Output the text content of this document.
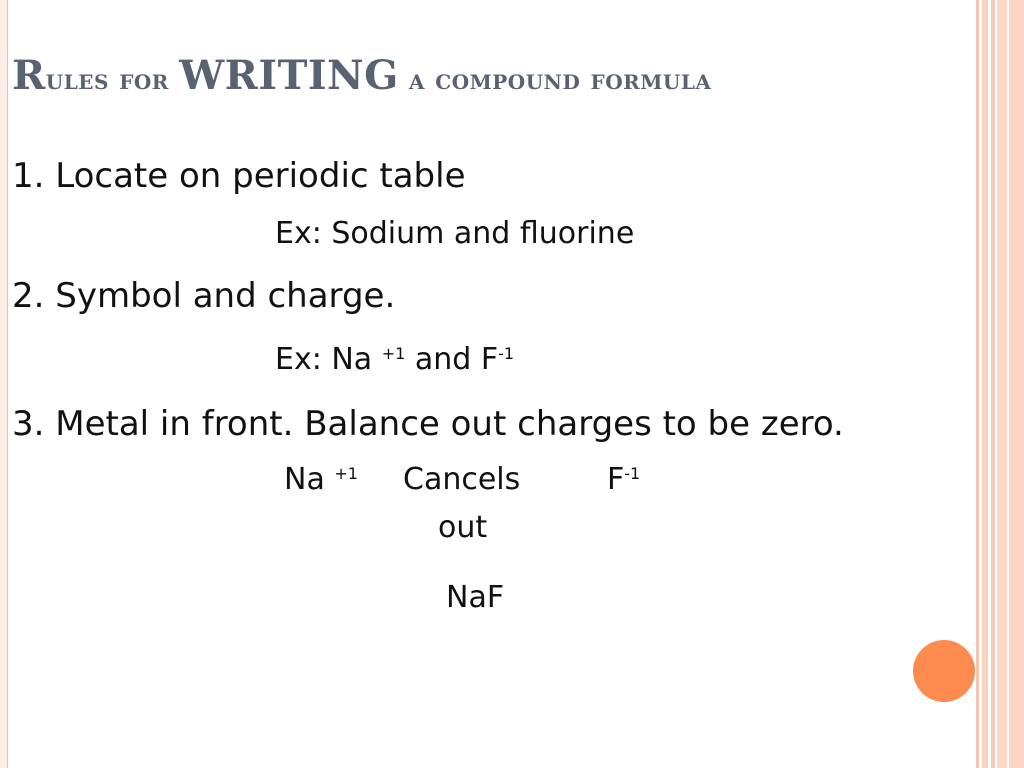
Rules for WRITING a compound formula
1. Locate on periodic table
Ex: Sodium and fluorine
2. Symbol and charge.
Ex: Na $^{+1}$ and $F^{-1}$
3. Metal in front. Balance out charges to be zero.
Na $^{+1}$ Cancels	$F^{-1}$
out
NaF
